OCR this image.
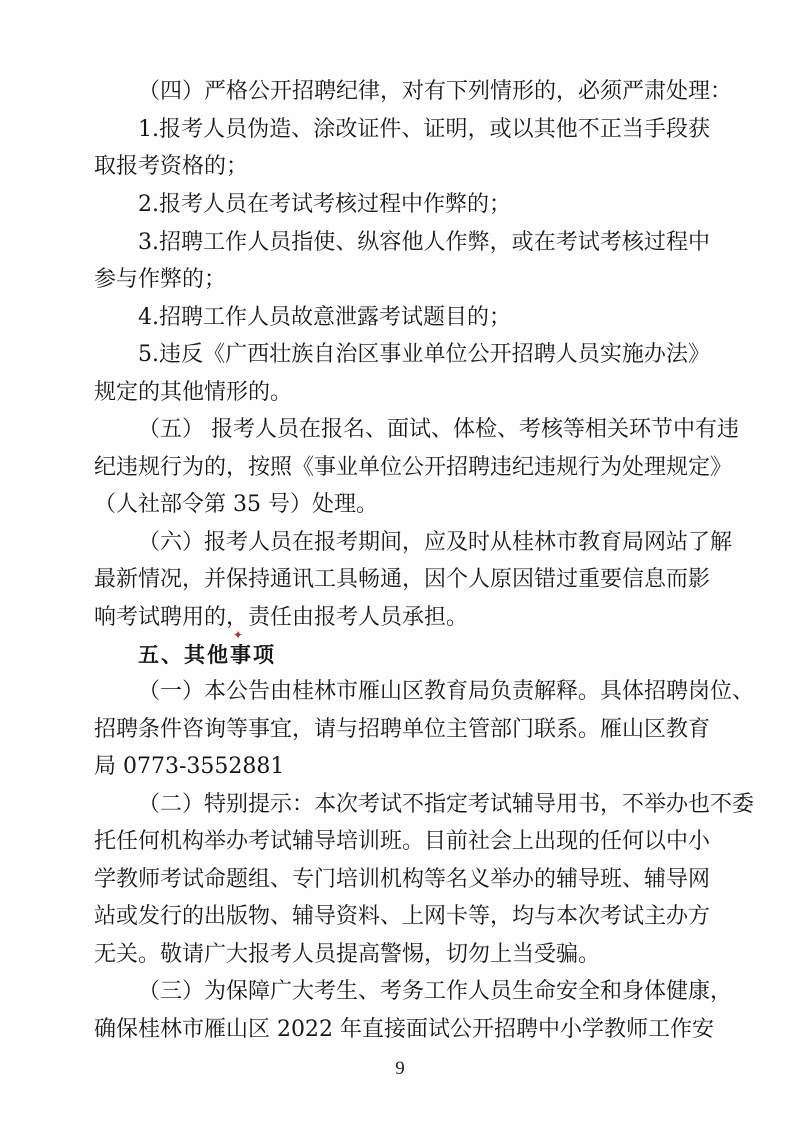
（四）严格公开招聘纪律，对有下列情形的，必须严肃处理：
1.报考人员伪造、涂改证件、证明，或以其他不正当手段获
取报考资格的；
2.报考人员在考试考核过程中作弊的；
3.招聘工作人员指使、纵容他人作弊，或在考试考核过程中
参与作弊的；
4.招聘工作人员故意泄露考试题目的；
5.违反《广西壮族自治区事业单位公开招聘人员实施办法》
规定的其他情形的。
（五） 报考人员在报名、面试、体检、考核等相关环节中有违
纪违规行为的，按照《事业单位公开招聘违纪违规行为处理规定》
（人社部令第 35 号）处理。
（六）报考人员在报考期间，应及时从桂林市教育局网站了解
最新情况，并保持通讯工具畅通，因个人原因错过重要信息而影
响考试聘用的，责任由报考人员承担。
五、其他事项
✦
（一）本公告由桂林市雁山区教育局负责解释。具体招聘岗位、
招聘条件咨询等事宜，请与招聘单位主管部门联系。雁山区教育
局 0773-3552881
（二）特别提示：本次考试不指定考试辅导用书，不举办也不委
托任何机构举办考试辅导培训班。目前社会上出现的任何以中小
学教师考试命题组、专门培训机构等名义举办的辅导班、辅导网
站或发行的出版物、辅导资料、上网卡等，均与本次考试主办方
无关。敬请广大报考人员提高警惕，切勿上当受骗。
（三）为保障广大考生、考务工作人员生命安全和身体健康，
确保桂林市雁山区 2022 年直接面试公开招聘中小学教师工作安
9
